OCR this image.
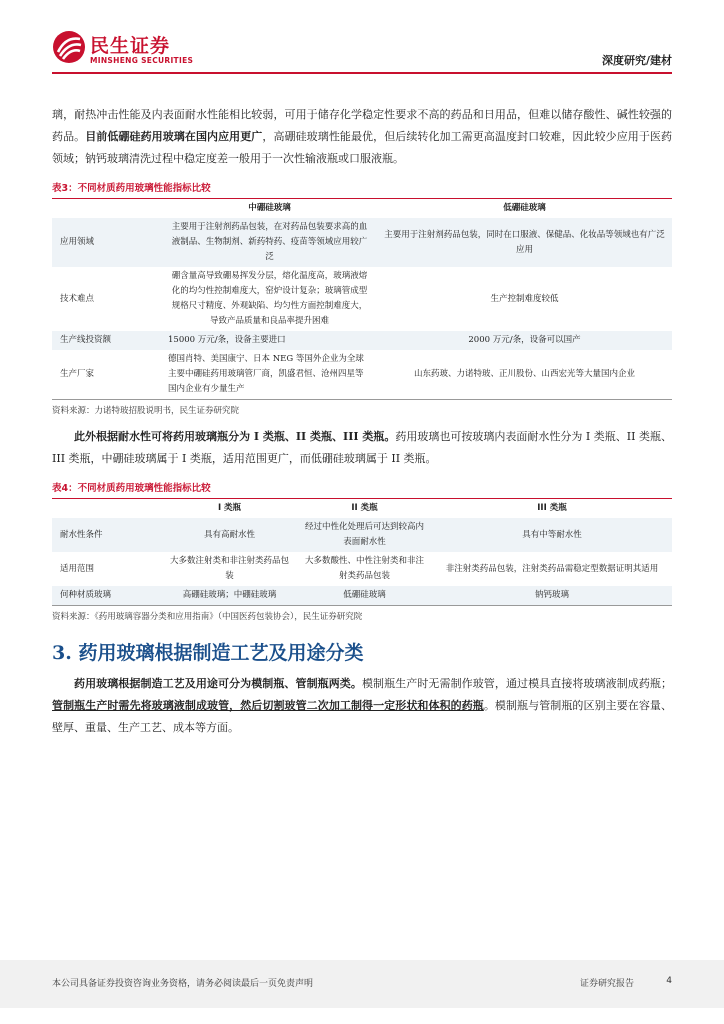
民生证券
MINSHENG SECURITIES	深度研究/建材

璃，耐热冲击性能及内表面耐水性能相比较弱，可用于储存化学稳定性要求不高的药品和日用品，但难以储存酸性、碱性较强的药品。目前低硼硅药用玻璃在国内应用更广，高硼硅玻璃性能最优，但后续转化加工需更高温度封口较难，因此较少应用于医药领域；钠钙玻璃清洗过程中稳定度差一般用于一次性输液瓶或口服液瓶。

表3：不同材质药用玻璃性能指标比较
	中硼硅玻璃	低硼硅玻璃
应用领域	主要用于注射剂药品包装，在对药品包装要求高的血液制品、生物制剂、新药特药、疫苗等领域应用较广泛	主要用于注射剂药品包装，同时在口服液、保健品、化妆品等领域也有广泛应用
技术难点	硼含量高导致硼易挥发分层，熔化温度高，玻璃液熔化的均匀性控制难度大，窑炉设计复杂；玻璃管成型规格尺寸精度、外观缺陷、均匀性方面控制难度大，导致产品质量和良品率提升困难	生产控制难度较低
生产线投资额	15000 万元/条，设备主要进口	2000 万元/条，设备可以国产
生产厂家	德国肖特、美国康宁、日本 NEG 等国外企业为全球主要中硼硅药用玻璃管厂商，凯盛君恒、沧州四星等国内企业有少量生产	山东药玻、力诺特玻、正川股份、山西宏光等大量国内企业
资料来源：力诺特玻招股说明书，民生证券研究院

此外根据耐水性可将药用玻璃瓶分为 I 类瓶、II 类瓶、III 类瓶。药用玻璃也可按玻璃内表面耐水性分为 I 类瓶、II 类瓶、III 类瓶，中硼硅玻璃属于 I 类瓶，适用范围更广，而低硼硅玻璃属于 II 类瓶。

表4：不同材质药用玻璃性能指标比较
	I 类瓶	II 类瓶	III 类瓶
耐水性条件	具有高耐水性	经过中性化处理后可达到较高内表面耐水性	具有中等耐水性
适用范围	大多数注射类和非注射类药品包装	大多数酸性、中性注射类和非注射类药品包装	非注射类药品包装，注射类药品需稳定型数据证明其适用
何种材质玻璃	高硼硅玻璃；中硼硅玻璃	低硼硅玻璃	钠钙玻璃
资料来源：《药用玻璃容器分类和应用指南》（中国医药包装协会），民生证券研究院
3. 药用玻璃根据制造工艺及用途分类

药用玻璃根据制造工艺及用途可分为模制瓶、管制瓶两类。模制瓶生产时无需制作玻管，通过模具直接将玻璃液制成药瓶；管制瓶生产时需先将玻璃液制成玻管，然后切割玻管二次加工制得一定形状和体积的药瓶。模制瓶与管制瓶的区别主要在容量、壁厚、重量、生产工艺、成本等方面。

本公司具备证券投资咨询业务资格，请务必阅读最后一页免责声明	证券研究报告	4
